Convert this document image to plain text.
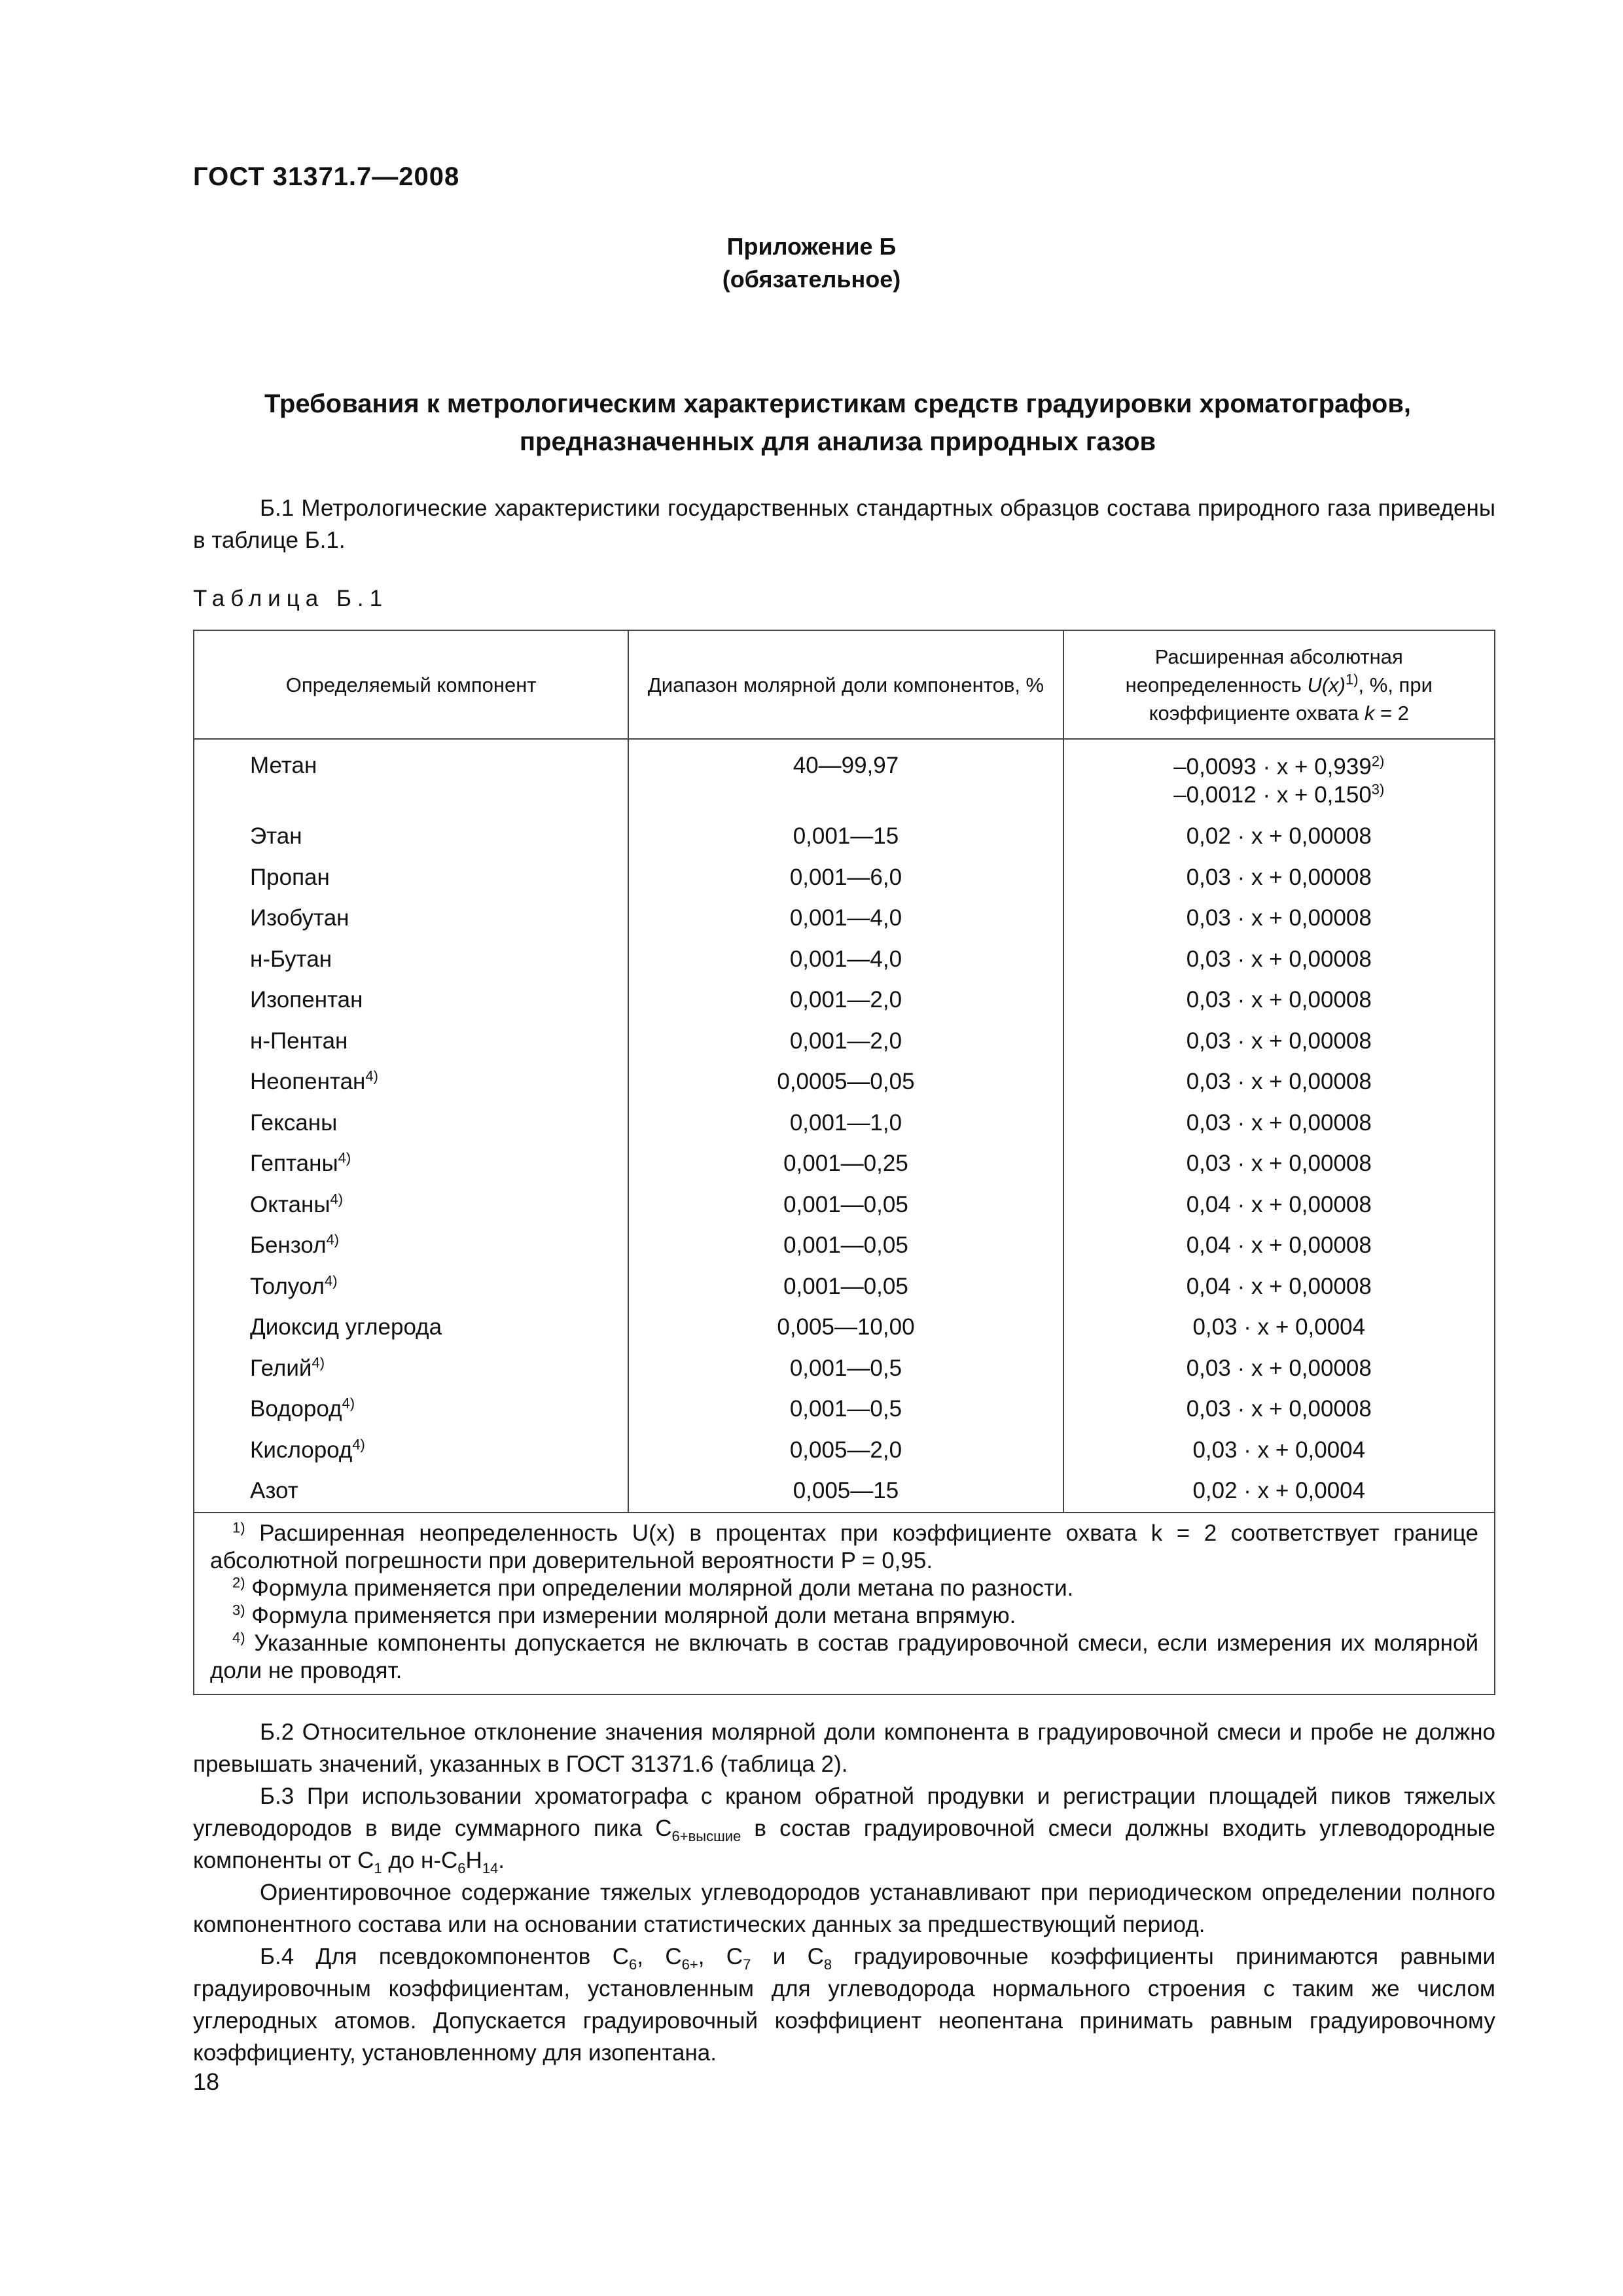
ГОСТ 31371.7—2008
Приложение Б
(обязательное)
Требования к метрологическим характеристикам средств градуировки хроматографов,
предназначенных для анализа природных газов

Б.1 Метрологические характеристики государственных стандартных образцов состава природного газа приведены в таблице Б.1.

Таблица Б.1
Определяемый компонент	Диапазон молярной доли компонентов, %	Расширенная абсолютная
неопределенность $U(x)^{1)}$, %, при
коэффициенте охвата k = 2

Метан	40—99,97	$-0,0093 \cdot x + 0,939^{2)}$
$-0,0012 \cdot x + 0,150^{3)}$

Этан	0,001—15	0,02 · x + 0,00008
Пропан	0,001—6,0	0,03 · x + 0,00008
Изобутан	0,001—4,0	0,03 · x + 0,00008
н-Бутан	0,001—4,0	0,03 · x + 0,00008
Изопентан	0,001—2,0	0,03 · x + 0,00008
н-Пентан	0,001—2,0	0,03 · x + 0,00008
Неопентан$^{4)}$	0,0005—0,05	0,03 · x + 0,00008
Гексаны	0,001—1,0	0,03 · x + 0,00008
Гептаны$^{4)}$	0,001—0,25	0,03 · x + 0,00008
Октаны$^{4)}$	0,001—0,05	0,04 · x + 0,00008
Бензол$^{4)}$	0,001—0,05	0,04 · x + 0,00008
Толуол$^{4)}$	0,001—0,05	0,04 · x + 0,00008
Диоксид углерода	0,005—10,00	0,03 · x + 0,0004
Гелий$^{4)}$	0,001—0,5	0,03 · x + 0,00008
Водород$^{4)}$	0,001—0,5	0,03 · x + 0,00008
Кислород$^{4)}$	0,005—2,0	0,03 · x + 0,0004
Азот	0,005—15	0,02 · x + 0,0004

$^{1)}$ Расширенная неопределенность U(x) в процентах при коэффициенте охвата k = 2 соответствует границе абсолютной погрешности при доверительной вероятности P = 0,95.
$^{2)}$ Формула применяется при определении молярной доли метана по разности.
$^{3)}$ Формула применяется при измерении молярной доли метана впрямую.
$^{4)}$ Указанные компоненты допускается не включать в состав градуировочной смеси, если измерения их молярной доли не проводят.		

Б.2 Относительное отклонение значения молярной доли компонента в градуировочной смеси и пробе не должно превышать значений, указанных в ГОСТ 31371.6 (таблица 2).

Б.3 При использовании хроматографа с краном обратной продувки и регистрации площадей пиков тяжелых углеводородов в виде суммарного пика $С_{6+высшие}$ в состав градуировочной смеси должны входить углеводородные компоненты от $С_1$ до $н-С_6Н_{14}$.

Ориентировочное содержание тяжелых углеводородов устанавливают при периодическом определении полного компонентного состава или на основании статистических данных за предшествующий период.

Б.4 Для псевдокомпонентов $С_6$, $С_{6+}$, $С_7$ и $С_8$ градуировочные коэффициенты принимаются равными градуировочным коэффициентам, установленным для углеводорода нормального строения с таким же числом углеродных атомов. Допускается градуировочный коэффициент неопентана принимать равным градуировочному коэффициенту, установленному для изопентана.

18
